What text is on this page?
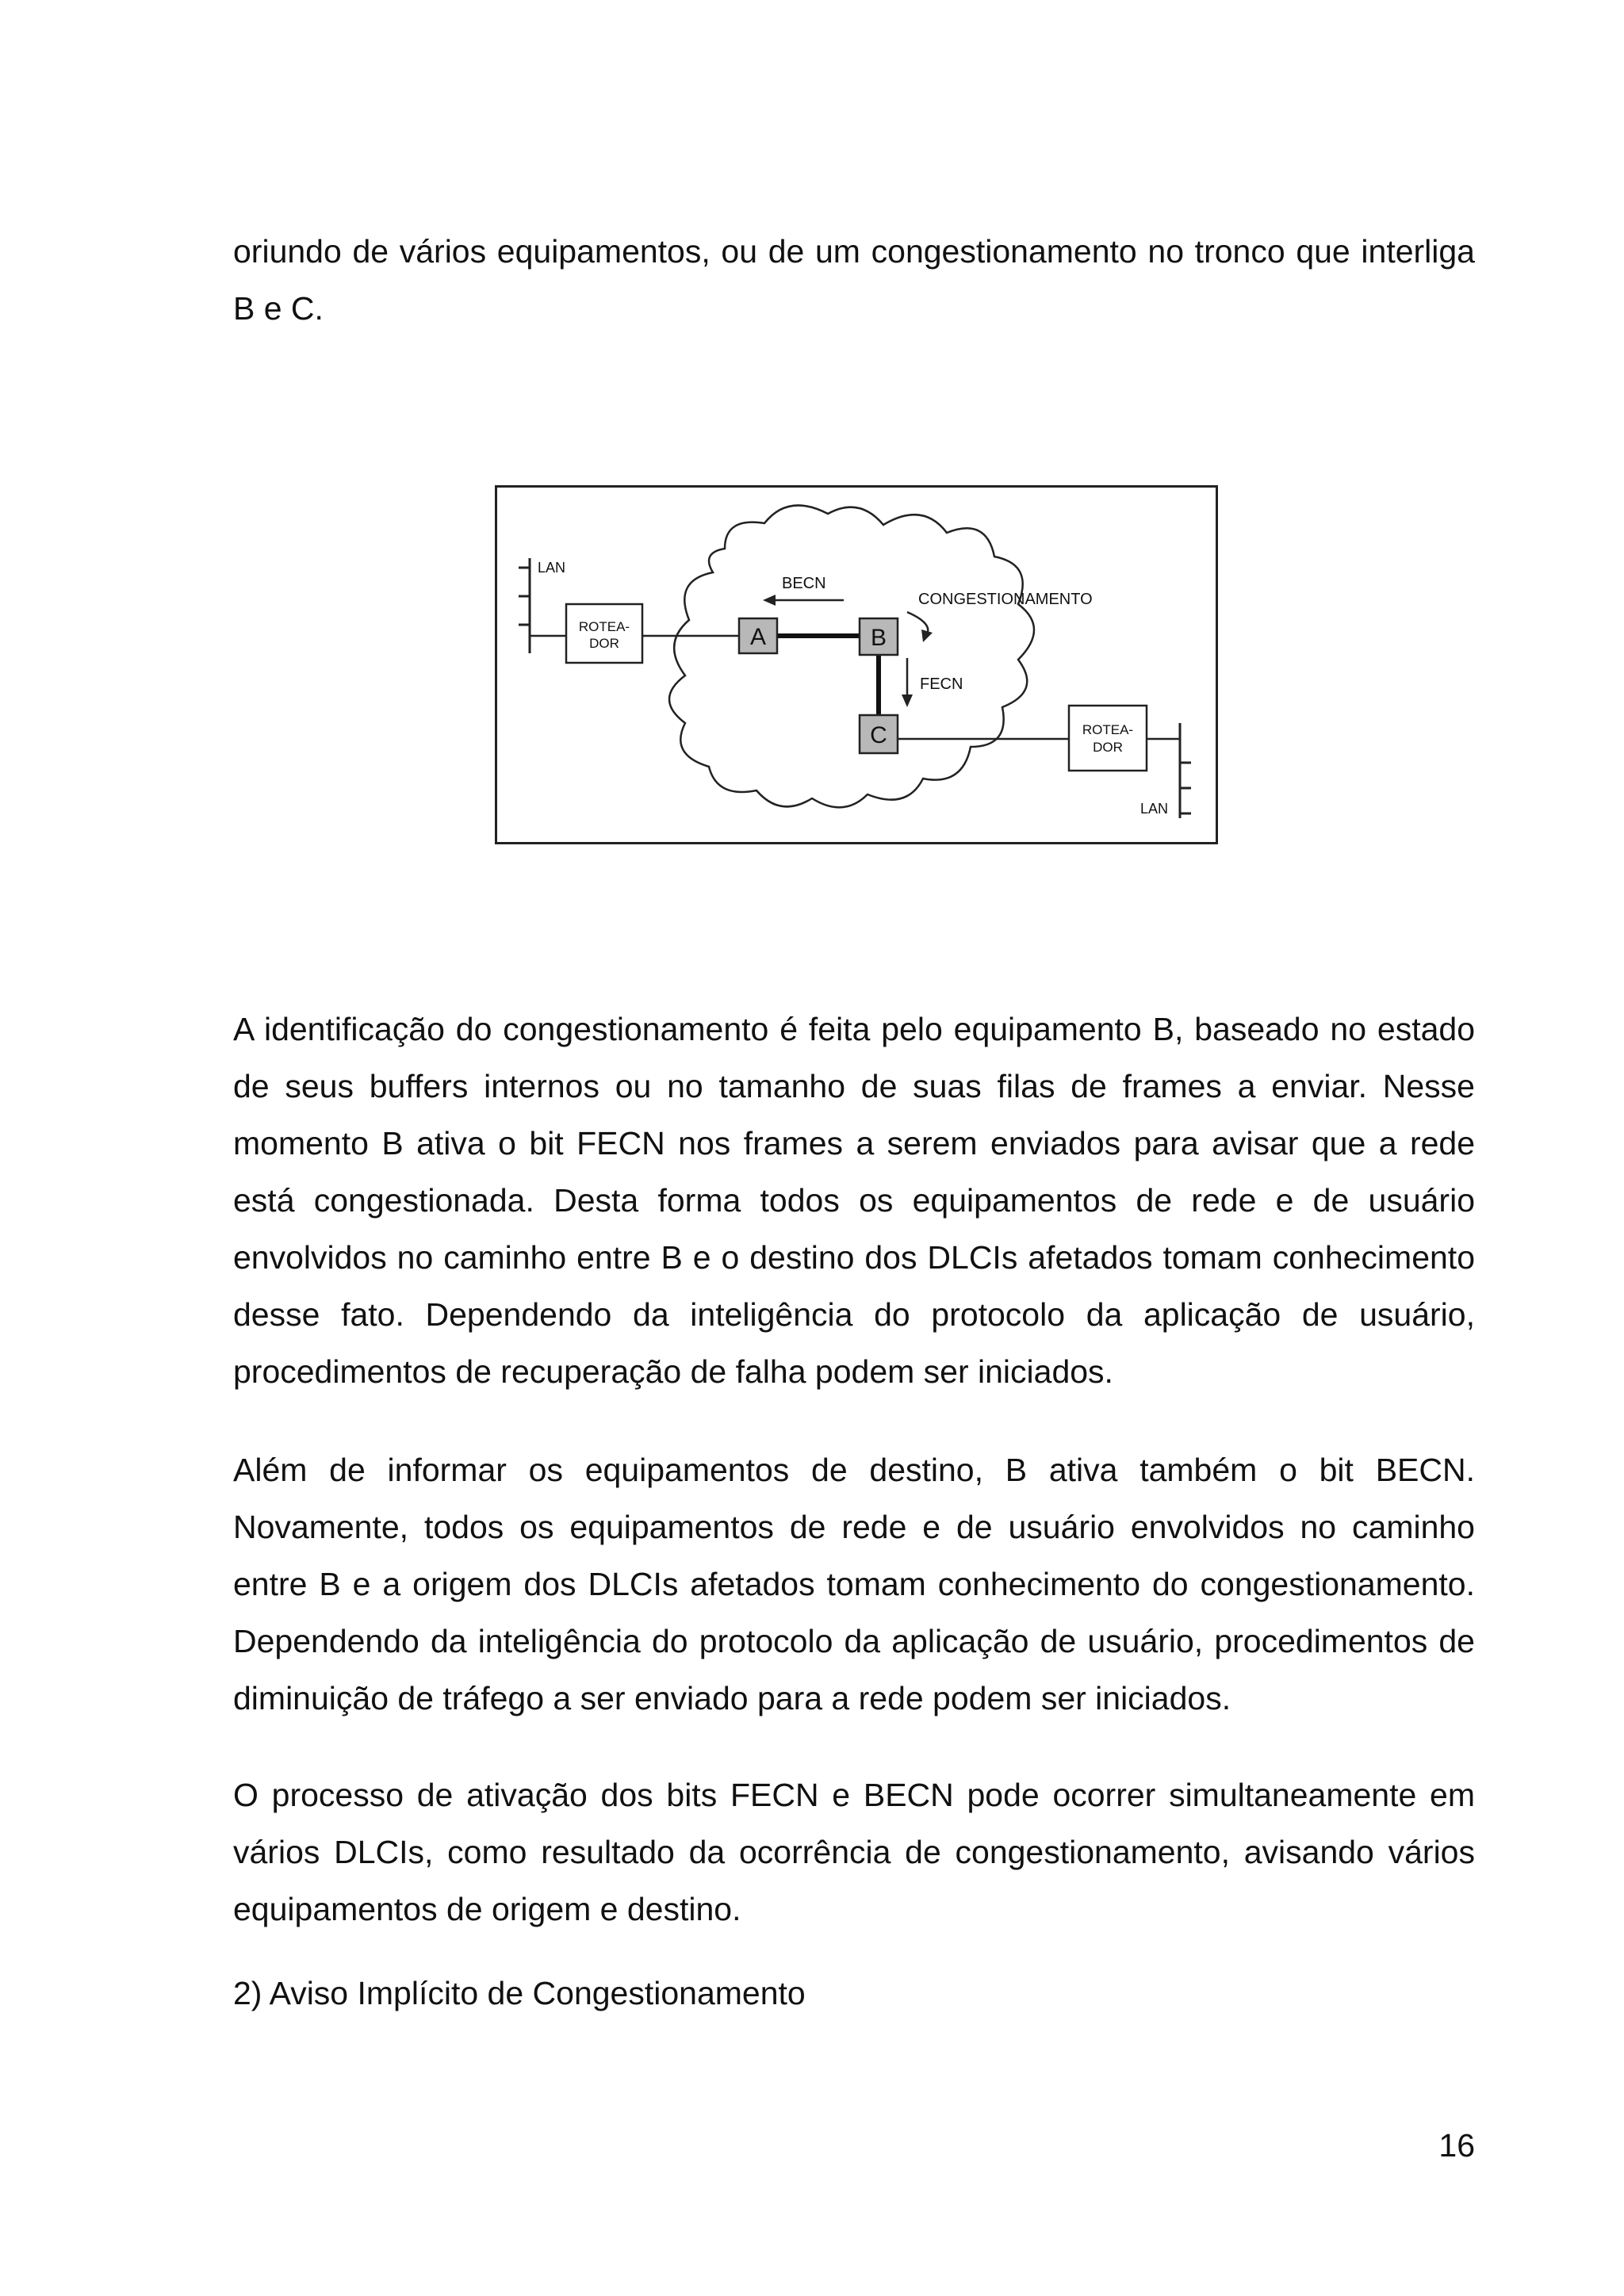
oriundo de vários equipamentos, ou de um congestionamento no tronco que interliga B e C.

LAN
ROTEA-
DOR	A	B
C
BECN
CONGESTIONAMENTO
FECN
ROTEA-
DOR
LAN

A identificação do congestionamento é feita pelo equipamento B, baseado no estado de seus buffers internos ou no tamanho de suas filas de frames a enviar. Nesse momento B ativa o bit FECN nos frames a serem enviados para avisar que a rede está congestionada. Desta forma todos os equipamentos de rede e de usuário envolvidos no caminho entre B e o destino dos DLCIs afetados tomam conhecimento desse fato. Dependendo da inteligência do protocolo da aplicação de usuário, procedimentos de recuperação de falha podem ser iniciados.

Além de informar os equipamentos de destino, B ativa também o bit BECN. Novamente, todos os equipamentos de rede e de usuário envolvidos no caminho entre B e a origem dos DLCIs afetados tomam conhecimento do congestionamento. Dependendo da inteligência do protocolo da aplicação de usuário, procedimentos de diminuição de tráfego a ser enviado para a rede podem ser iniciados.

O processo de ativação dos bits FECN e BECN pode ocorrer simultaneamente em vários DLCIs, como resultado da ocorrência de congestionamento, avisando vários equipamentos de origem e destino.

2) Aviso Implícito de Congestionamento

16
